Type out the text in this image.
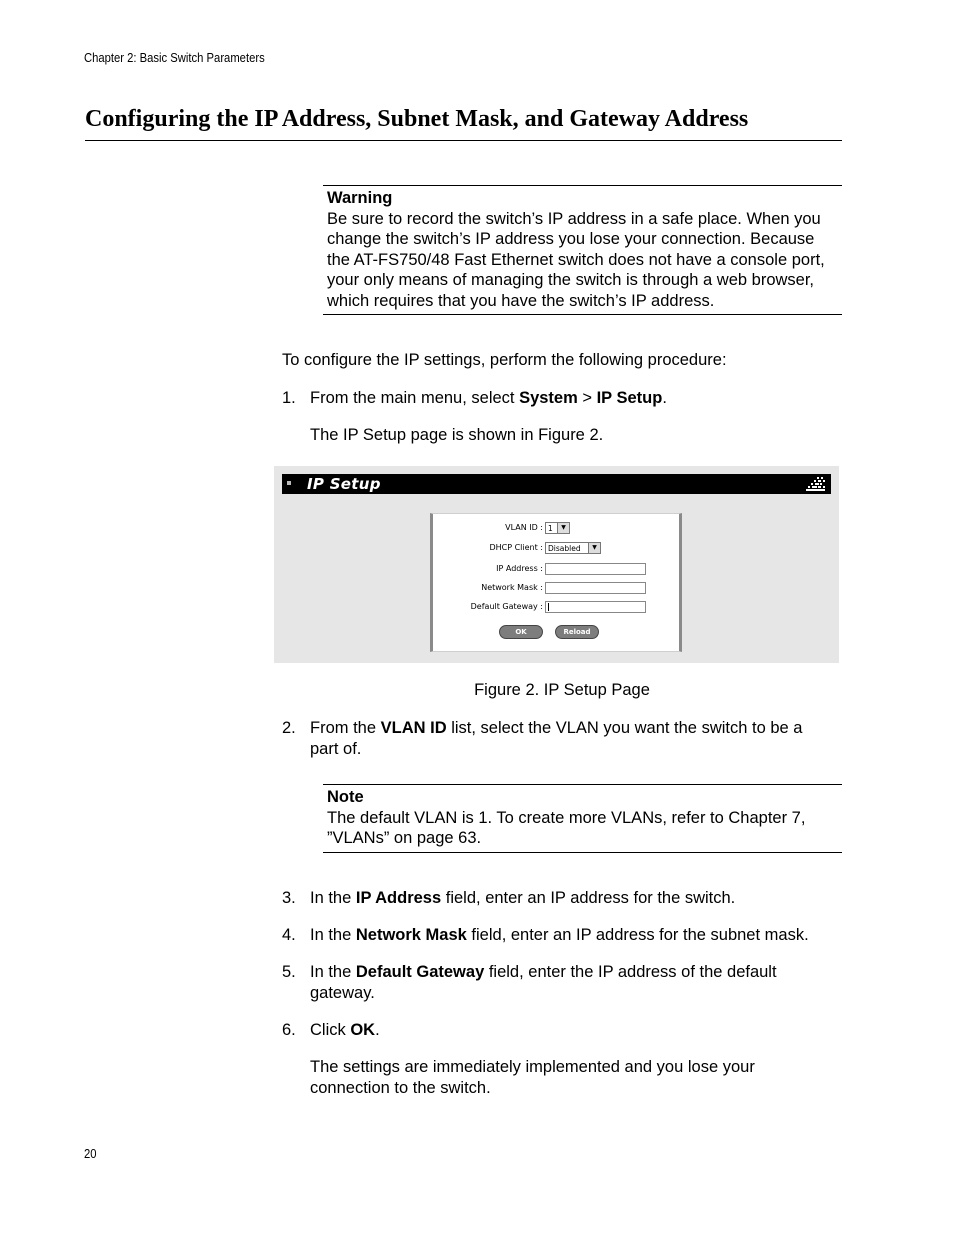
Chapter 2: Basic Switch Parameters
Configuring the IP Address, Subnet Mask, and Gateway Address
Warning
Be sure to record the switch’s IP address in a safe place. When you
change the switch’s IP address you lose your connection. Because
the AT-FS750/48 Fast Ethernet switch does not have a console port,
your only means of managing the switch is through a web browser,
which requires that you have the switch’s IP address.
To configure the IP settings, perform the following procedure:
1. From the main menu, select System > IP Setup.
The IP Setup page is shown in Figure 2.
IP Setup
VLAN ID : 1	▼
DHCP Client : Disabled	▼
IP Address :
Network Mask :
Default Gateway :
OK	Reload
Figure 2. IP Setup Page
2. From the VLAN ID list, select the VLAN you want the switch to be a
part of.
Note
The default VLAN is 1. To create more VLANs, refer to Chapter 7,
”VLANs” on page 63.
3. In the IP Address field, enter an IP address for the switch.
4. In the Network Mask field, enter an IP address for the subnet mask.
5. In the Default Gateway field, enter the IP address of the default
gateway.
6. Click OK.
The settings are immediately implemented and you lose your
connection to the switch.
20
